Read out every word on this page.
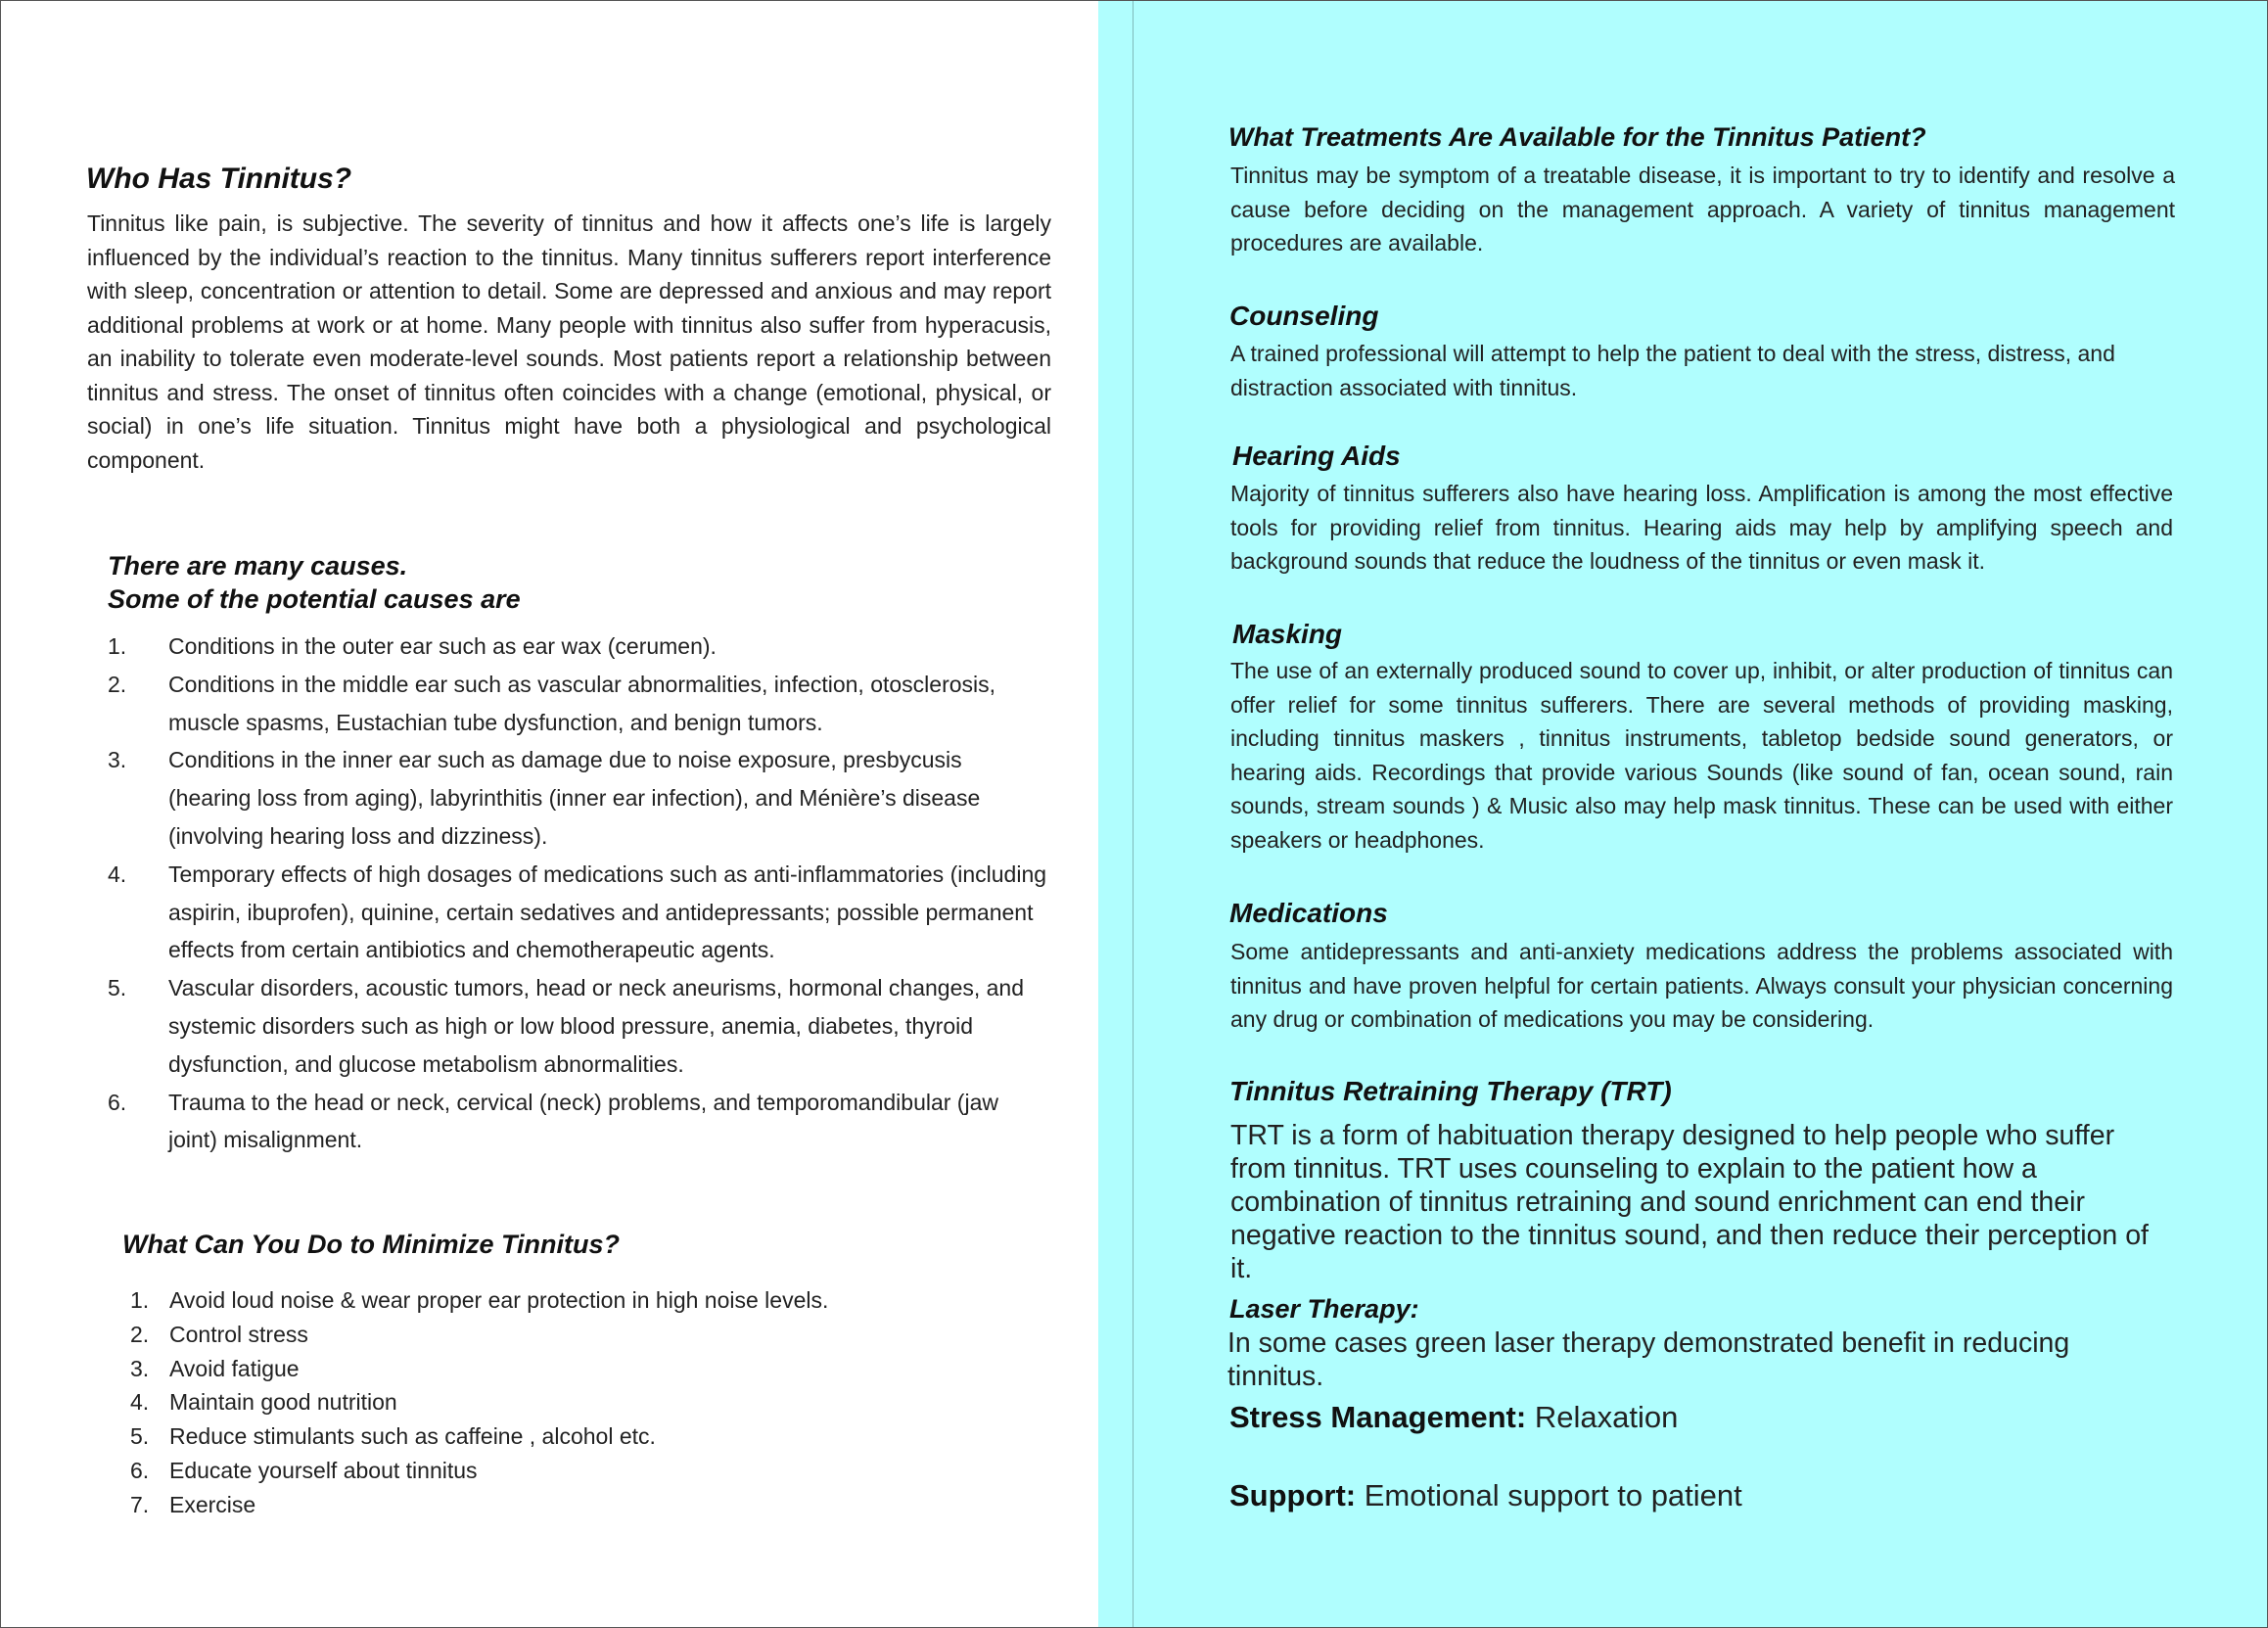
Who Has Tinnitus?

Tinnitus like pain, is subjective. The severity of tinnitus and how it affects one’s life is largely influenced by the individual’s reaction to the tinnitus. Many tinnitus sufferers report interference with sleep, concentration or attention to detail. Some are depressed and anxious and may report additional problems at work or at home. Many people with tinnitus also suffer from hyperacusis, an inability to tolerate even moderate-level sounds. Most patients report a relationship between tinnitus and stress. The onset of tinnitus often coincides with a change (emotional, physical, or social) in one’s life situation. Tinnitus might have both a physiological and psychological component.

There are many causes.
Some of the potential causes are
1. Conditions in the outer ear such as ear wax (cerumen).
2. Conditions in the middle ear such as vascular abnormalities, infection, otosclerosis, muscle spasms, Eustachian tube dysfunction, and benign tumors.
3. Conditions in the inner ear such as damage due to noise exposure, presbycusis (hearing loss from aging), labyrinthitis (inner ear infection), and Ménière’s disease (involving hearing loss and dizziness).
4. Temporary effects of high dosages of medications such as anti-inflammatories (including aspirin, ibuprofen), quinine, certain sedatives and antidepressants; possible permanent effects from certain antibiotics and chemotherapeutic agents.
5. Vascular disorders, acoustic tumors, head or neck aneurisms, hormonal changes, and systemic disorders such as high or low blood pressure, anemia, diabetes, thyroid dysfunction, and glucose metabolism abnormalities.
6. Trauma to the head or neck, cervical (neck) problems, and temporomandibular (jaw joint) misalignment.
What Can You Do to Minimize Tinnitus?
1. Avoid loud noise & wear proper ear protection in high noise levels.
2. Control stress
3. Avoid fatigue
4. Maintain good nutrition
5. Reduce stimulants such as caffeine , alcohol etc.
6. Educate yourself about tinnitus
7. Exercise
What Treatments Are Available for the Tinnitus Patient?

Tinnitus may be symptom of a treatable disease, it is important to try to identify and resolve a cause before deciding on the management approach. A variety of tinnitus management procedures are available.

Counseling

A trained professional will attempt to help the patient to deal with the stress, distress, and distraction associated with tinnitus.

Hearing Aids

Majority of tinnitus sufferers also have hearing loss. Amplification is among the most effective tools for providing relief from tinnitus. Hearing aids may help by amplifying speech and background sounds that reduce the loudness of the tinnitus or even mask it.

Masking

The use of an externally produced sound to cover up, inhibit, or alter production of tinnitus can offer relief for some tinnitus sufferers. There are several methods of providing masking, including tinnitus maskers , tinnitus instruments, tabletop bedside sound generators, or hearing aids. Recordings that provide various Sounds (like sound of fan, ocean sound, rain sounds, stream sounds ) & Music also may help mask tinnitus. These can be used with either speakers or headphones.

Medications

Some antidepressants and anti-anxiety medications address the problems associated with tinnitus and have proven helpful for certain patients. Always consult your physician concerning any drug or combination of medications you may be considering.

Tinnitus Retraining Therapy (TRT)

TRT is a form of habituation therapy designed to help people who suffer from tinnitus. TRT uses counseling to explain to the patient how a combination of tinnitus retraining and sound enrichment can end their negative reaction to the tinnitus sound, and then reduce their perception of it.

Laser Therapy:

In some cases green laser therapy demonstrated benefit in reducing tinnitus.

Stress Management: Relaxation
Support: Emotional support to patient
